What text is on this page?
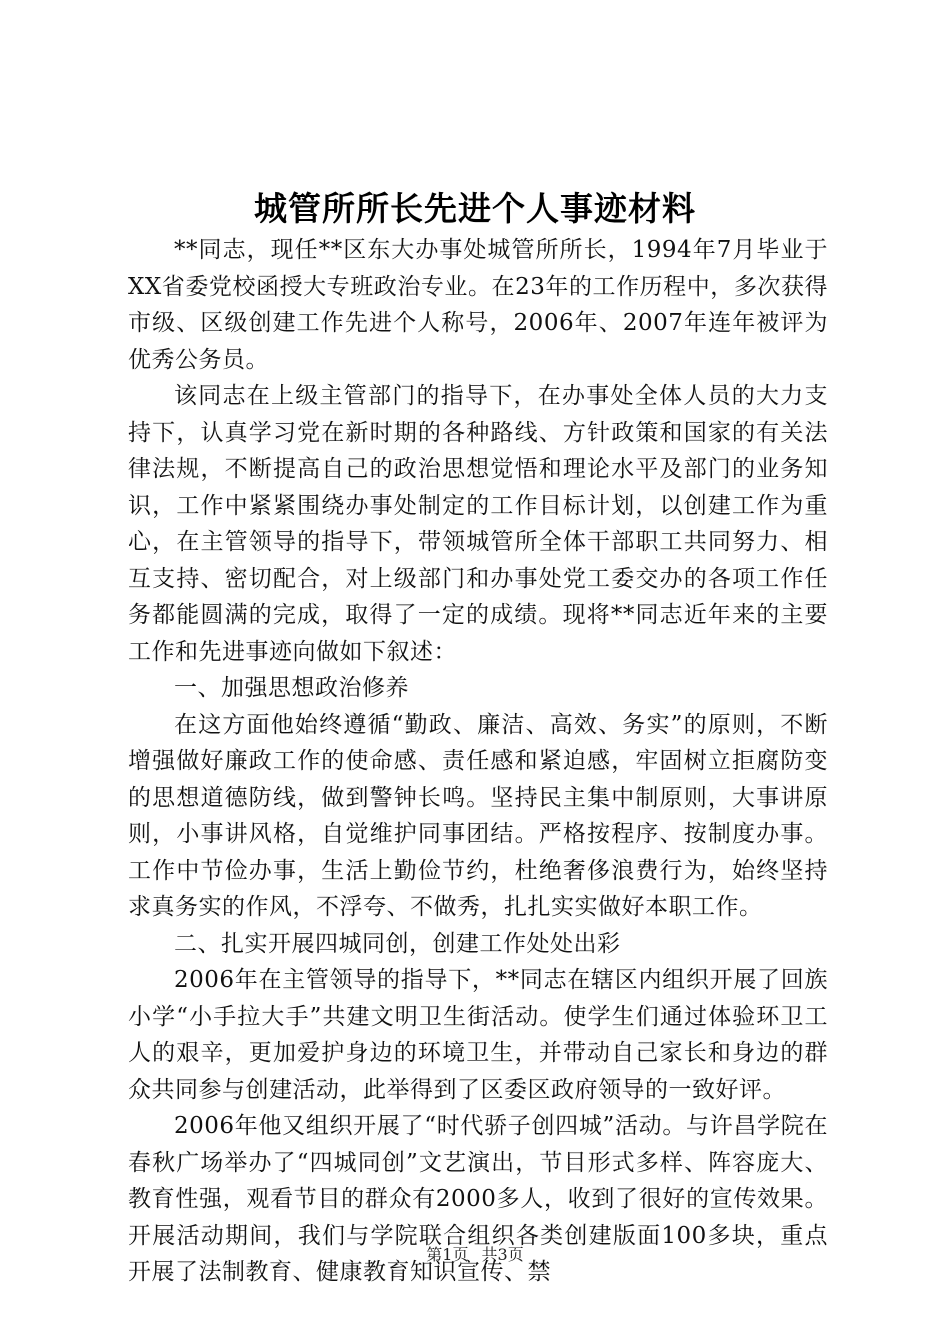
城管所所长先进个人事迹材料

**同志，现任**区东大办事处城管所所长，1994年7月毕业于XX省委党校函授大专班政治专业。在23年的工作历程中，多次获得市级、区级创建工作先进个人称号，2006年、2007年连年被评为优秀公务员。

该同志在上级主管部门的指导下，在办事处全体人员的大力支持下，认真学习党在新时期的各种路线、方针政策和国家的有关法律法规，不断提高自己的政治思想觉悟和理论水平及部门的业务知识，工作中紧紧围绕办事处制定的工作目标计划，以创建工作为重心，在主管领导的指导下，带领城管所全体干部职工共同努力、相互支持、密切配合，对上级部门和办事处党工委交办的各项工作任务都能圆满的完成，取得了一定的成绩。现将**同志近年来的主要工作和先进事迹向做如下叙述：

一、加强思想政治修养

在这方面他始终遵循“勤政、廉洁、高效、务实”的原则，不断增强做好廉政工作的使命感、责任感和紧迫感，牢固树立拒腐防变的思想道德防线，做到警钟长鸣。坚持民主集中制原则，大事讲原则，小事讲风格，自觉维护同事团结。严格按程序、按制度办事。工作中节俭办事，生活上勤俭节约，杜绝奢侈浪费行为，始终坚持求真务实的作风，不浮夸、不做秀，扎扎实实做好本职工作。

二、扎实开展四城同创，创建工作处处出彩

2006年在主管领导的指导下，**同志在辖区内组织开展了回族小学“小手拉大手”共建文明卫生街活动。使学生们通过体验环卫工人的艰辛，更加爱护身边的环境卫生，并带动自己家长和身边的群众共同参与创建活动，此举得到了区委区政府领导的一致好评。

2006年他又组织开展了“时代骄子创四城”活动。与许昌学院在春秋广场举办了“四城同创”文艺演出，节目形式多样、阵容庞大、教育性强，观看节目的群众有2000多人，收到了很好的宣传效果。开展活动期间，我们与学院联合组织各类创建版面100多块，重点开展了法制教育、健康教育知识宣传、禁

第1页 共3页
